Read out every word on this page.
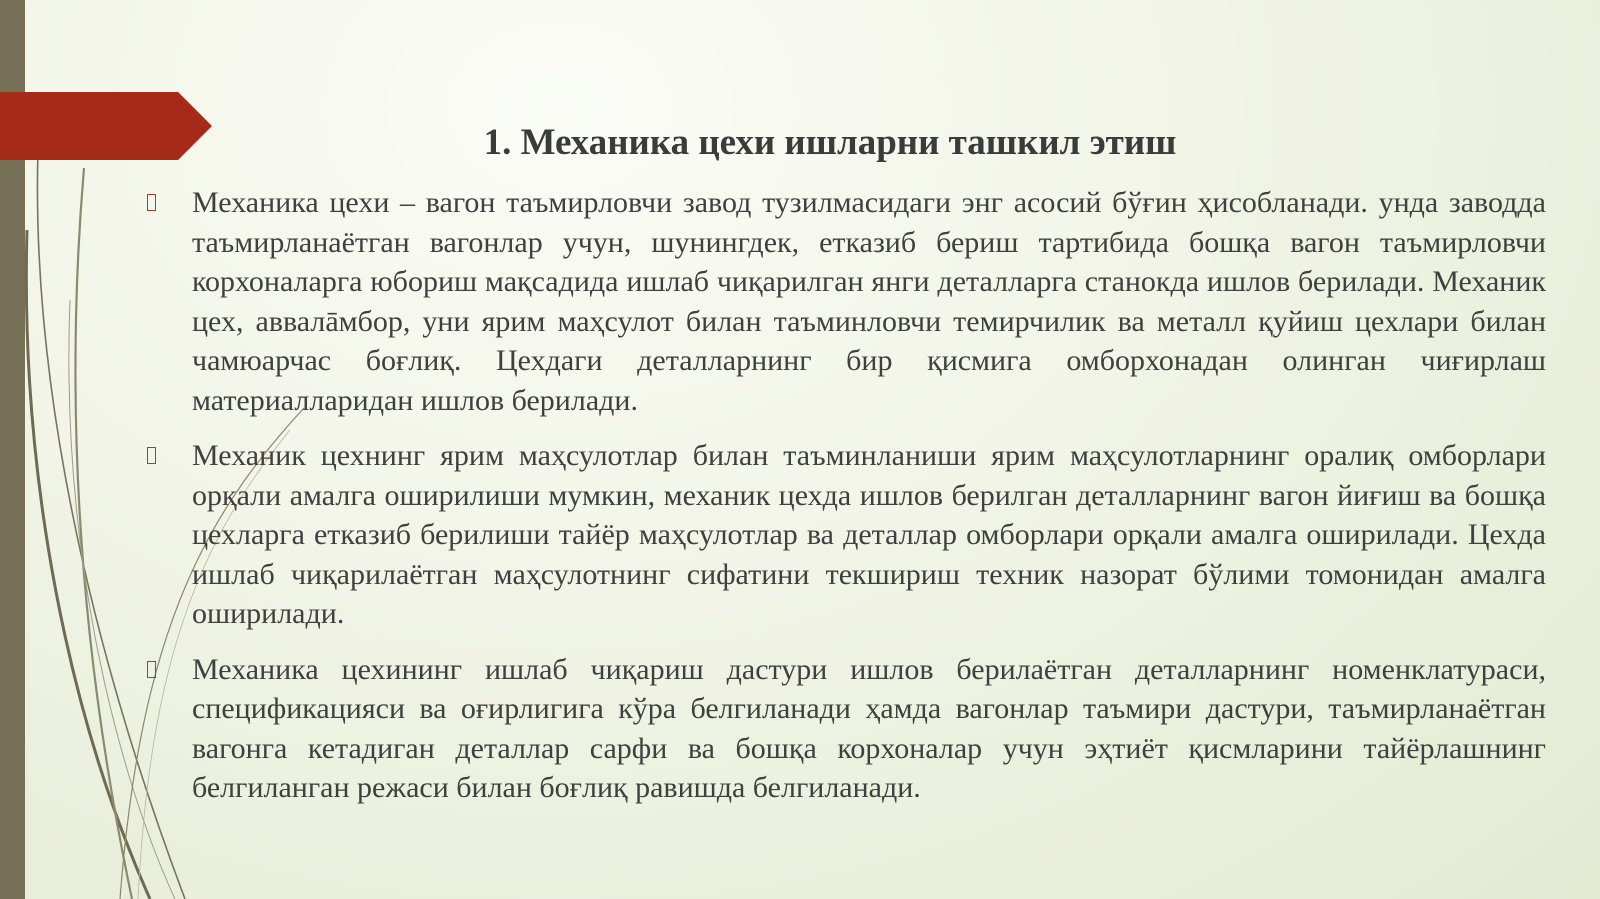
1. Механика цехи ишларни ташкил этиш
Механика цехи – вагон таъмирловчи завод тузилмасидаги энг асосий бўғин ҳисобланади. унда заводда таъмирланаётган вагонлар учун, шунингдек, етказиб бериш тартибида бошқа вагон таъмирловчи корхоналарга юбориш мақсадида ишлаб чиқарилган янги деталларга станокда ишлов берилади. Механик цех, аввалāмбор, уни ярим маҳсулот билан таъминловчи темирчилик ва металл қуйиш цехлари билан чамюарчас боғлиқ. Цехдаги деталларнинг бир қисмига омборхонадан олинган чиғирлаш материалларидан ишлов берилади.
Механик цехнинг ярим маҳсулотлар билан таъминланиши ярим маҳсулотларнинг оралиқ омборлари орқали амалга оширилиши мумкин, механик цехда ишлов берилган деталларнинг вагон йиғиш ва бошқа цехларга етказиб берилиши тайёр маҳсулотлар ва деталлар омборлари орқали амалга оширилади. Цехда ишлаб чиқарилаётган маҳсулотнинг сифатини текшириш техник назорат бўлими томонидан амалга оширилади.
Механика цехининг ишлаб чиқариш дастури ишлов берилаётган деталларнинг номенклатураси, спецификацияси ва оғирлигига кўра белгиланади ҳамда вагонлар таъмири дастури, таъмирланаётган вагонга кетадиган деталлар сарфи ва бошқа корхоналар учун эҳтиёт қисмларини тайёрлашнинг белгиланган режаси билан боғлиқ равишда белгиланади.
